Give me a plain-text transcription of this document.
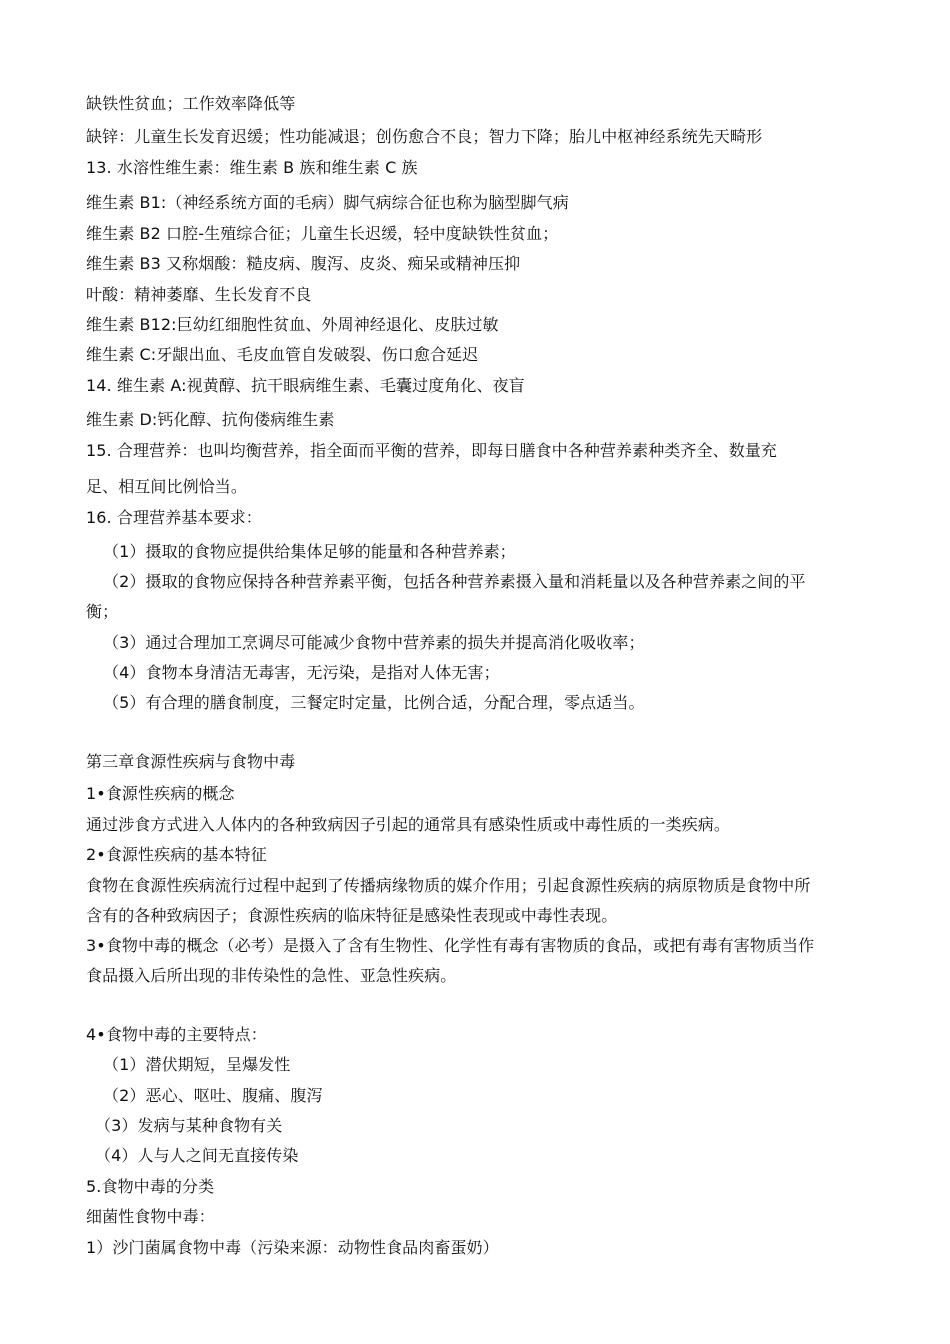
缺铁性贫血；工作效率降低等
缺锌：儿童生长发育迟缓；性功能减退；创伤愈合不良；智力下降；胎儿中枢神经系统先天畸形
13. 水溶性维生素：维生素 B 族和维生素 C 族
维生素 B1:（神经系统方面的毛病）脚气病综合征也称为脑型脚气病
维生素 B2 口腔-生殖综合征；儿童生长迟缓，轻中度缺铁性贫血；
维生素 B3 又称烟酸：糙皮病、腹泻、皮炎、痴呆或精神压抑
叶酸：精神萎靡、生长发育不良
维生素 B12:巨幼红细胞性贫血、外周神经退化、皮肤过敏
维生素 C:牙龈出血、毛皮血管自发破裂、伤口愈合延迟
14. 维生素 A:视黄醇、抗干眼病维生素、毛囊过度角化、夜盲
维生素 D:钙化醇、抗佝偻病维生素
15. 合理营养：也叫均衡营养，指全面而平衡的营养，即每日膳食中各种营养素种类齐全、数量充
足、相互间比例恰当。
16. 合理营养基本要求：
（1）摄取的食物应提供给集体足够的能量和各种营养素；
（2）摄取的食物应保持各种营养素平衡，包括各种营养素摄入量和消耗量以及各种营养素之间的平
衡；
（3）通过合理加工烹调尽可能减少食物中营养素的损失并提高消化吸收率；
（4）食物本身清洁无毒害，无污染，是指对人体无害；
（5）有合理的膳食制度，三餐定时定量，比例合适，分配合理，零点适当。
第三章食源性疾病与食物中毒
1•食源性疾病的概念
通过涉食方式进入人体内的各种致病因子引起的通常具有感染性质或中毒性质的一类疾病。
2•食源性疾病的基本特征
食物在食源性疾病流行过程中起到了传播病缘物质的媒介作用；引起食源性疾病的病原物质是食物中所
含有的各种致病因子；食源性疾病的临床特征是感染性表现或中毒性表现。
3•食物中毒的概念（必考）是摄入了含有生物性、化学性有毒有害物质的食品，或把有毒有害物质当作
食品摄入后所出现的非传染性的急性、亚急性疾病。
4•食物中毒的主要特点：
（1）潜伏期短，呈爆发性
（2）恶心、呕吐、腹痛、腹泻
（3）发病与某种食物有关
（4）人与人之间无直接传染
5.食物中毒的分类
细菌性食物中毒：
1）沙门菌属食物中毒（污染来源：动物性食品肉畜蛋奶）
